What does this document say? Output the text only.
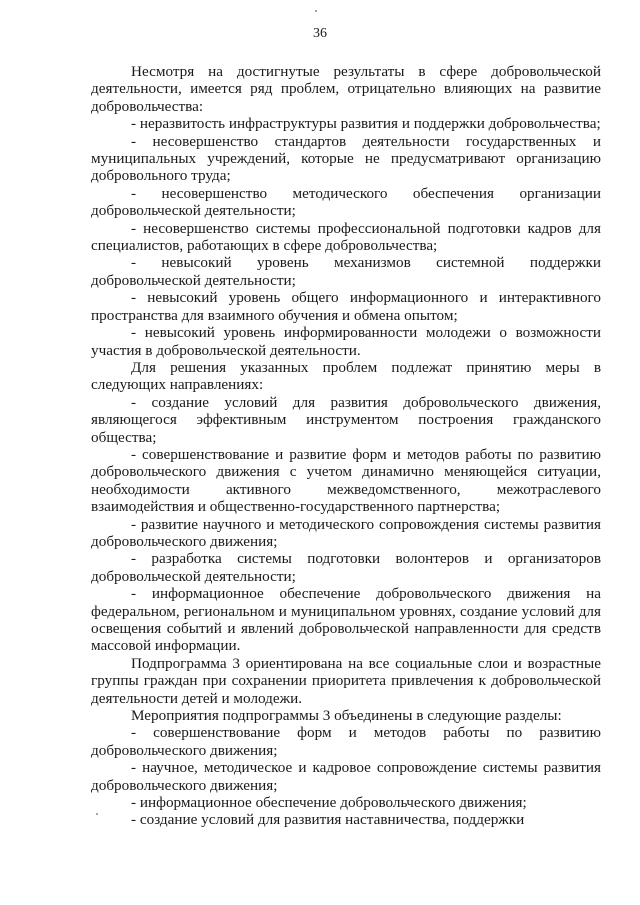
36

Несмотря на достигнутые результаты в сфере добровольческой деятельности, имеется ряд проблем, отрицательно влияющих на развитие добровольчества:

- неразвитость инфраструктуры развития и поддержки добровольчества;

- несовершенство стандартов деятельности государственных и муниципальных учреждений, которые не предусматривают организацию добровольного труда;

- несовершенство методического обеспечения организации добровольческой деятельности;

- несовершенство системы профессиональной подготовки кадров для специалистов, работающих в сфере добровольчества;

- невысокий уровень механизмов системной поддержки добровольческой деятельности;

- невысокий уровень общего информационного и интерактивного пространства для взаимного обучения и обмена опытом;

- невысокий уровень информированности молодежи о возможности участия в добровольческой деятельности.

Для решения указанных проблем подлежат принятию меры в следующих направлениях:

- создание условий для развития добровольческого движения, являющегося эффективным инструментом построения гражданского общества;

- совершенствование и развитие форм и методов работы по развитию добровольческого движения с учетом динамично меняющейся ситуации, необходимости активного межведомственного, межотраслевого взаимодействия и общественно-государственного партнерства;

- развитие научного и методического сопровождения системы развития добровольческого движения;

- разработка системы подготовки волонтеров и организаторов добровольческой деятельности;

- информационное обеспечение добровольческого движения на федеральном, региональном и муниципальном уровнях, создание условий для освещения событий и явлений добровольческой направленности для средств массовой информации.

Подпрограмма 3 ориентирована на все социальные слои и возрастные группы граждан при сохранении приоритета привлечения к добровольческой деятельности детей и молодежи.

Мероприятия подпрограммы 3 объединены в следующие разделы:

- совершенствование форм и методов работы по развитию добровольческого движения;

- научное, методическое и кадровое сопровождение системы развития добровольческого движения;

- информационное обеспечение добровольческого движения;

- создание условий для развития наставничества, поддержки
